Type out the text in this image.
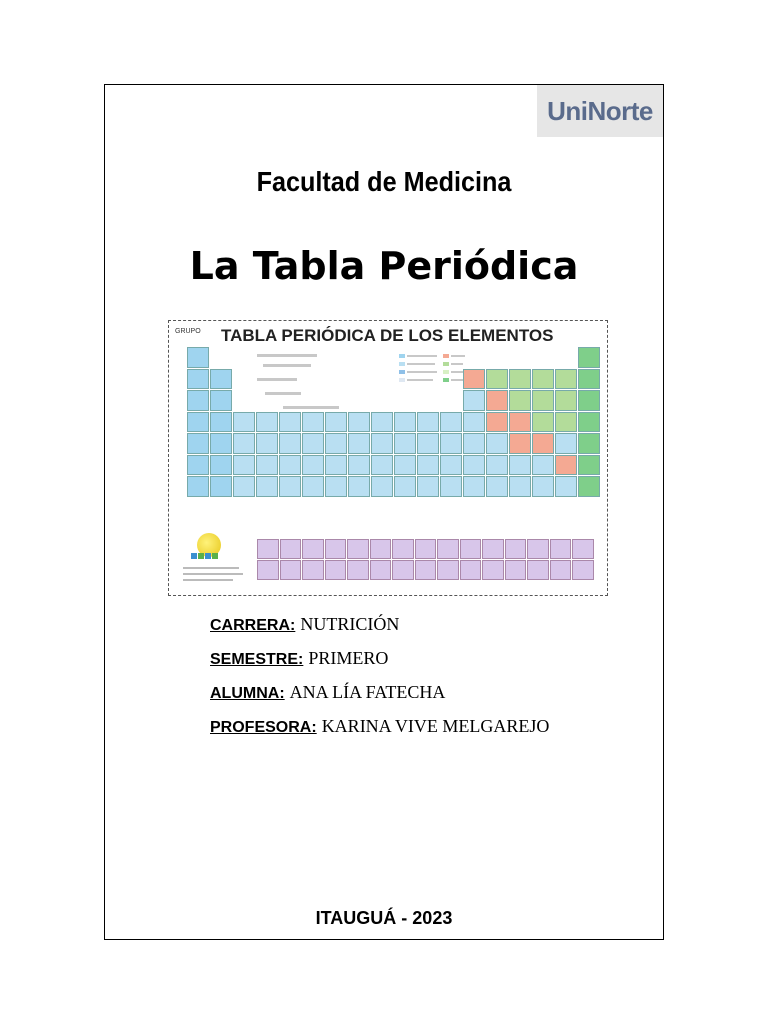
UniNorte
Facultad de Medicina
La Tabla Periódica
GRUPO TABLA PERIÓDICA DE LOS ELEMENTOS
CARRERA: NUTRICIÓN
SEMESTRE: PRIMERO
ALUMNA: ANA LÍA FATECHA
PROFESORA: KARINA VIVE MELGAREJO
ITAUGUÁ - 2023
